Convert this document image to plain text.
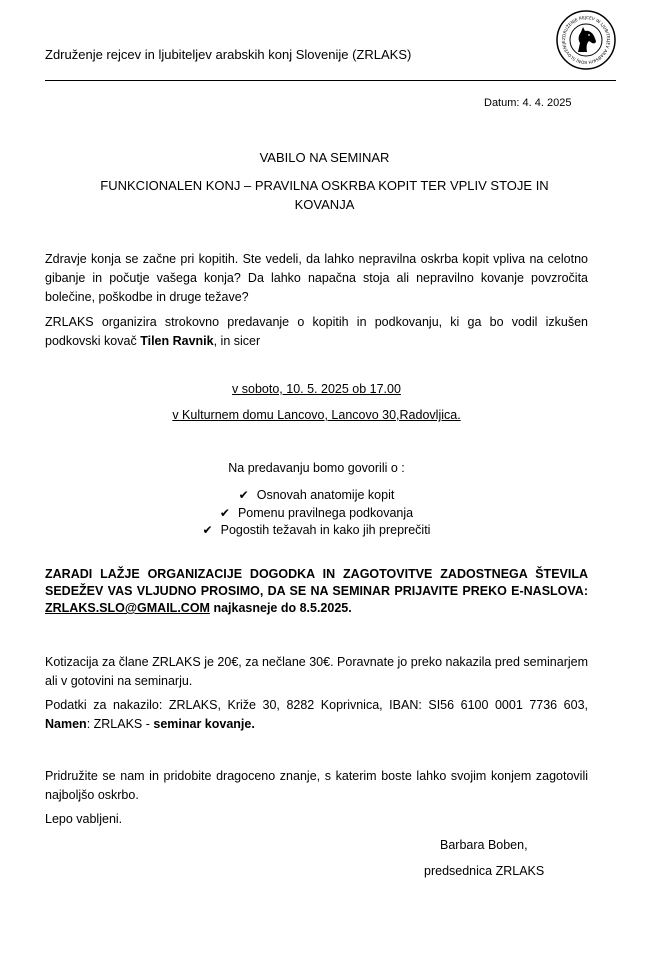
Združenje rejcev in ljubiteljev arabskih konj Slovenije (ZRLAKS)
ZDRUŽENJE REJCEV IN LJUBITELJEV ARABSKIH KONJ SLOVENIJE
Datum: 4. 4. 2025
VABILO NA SEMINAR
FUNKCIONALEN KONJ – PRAVILNA OSKRBA KOPIT TER VPLIV STOJE IN KOVANJA
Zdravje konja se začne pri kopitih. Ste vedeli, da lahko nepravilna oskrba kopit vpliva na celotno gibanje in počutje vašega konja? Da lahko napačna stoja ali nepravilno kovanje povzročita bolečine, poškodbe in druge težave?
ZRLAKS organizira strokovno predavanje o kopitih in podkovanju, ki ga bo vodil izkušen podkovski kovač Tilen Ravnik, in sicer
v soboto, 10. 5. 2025 ob 17.00
v Kulturnem domu Lancovo, Lancovo 30,Radovljica.
Na predavanju bomo govorili o :
✔ Osnovah anatomije kopit
✔ Pomenu pravilnega podkovanja
✔ Pogostih težavah in kako jih preprečiti
ZARADI LAŽJE ORGANIZACIJE DOGODKA IN ZAGOTOVITVE ZADOSTNEGA ŠTEVILA SEDEŽEV VAS VLJUDNO PROSIMO, DA SE NA SEMINAR PRIJAVITE PREKO E-NASLOVA: ZRLAKS.SLO@GMAIL.COM najkasneje do 8.5.2025.
Kotizacija za člane ZRLAKS je 20€, za nečlane 30€. Poravnate jo preko nakazila pred seminarjem ali v gotovini na seminarju.
Podatki za nakazilo: ZRLAKS, Križe 30, 8282 Koprivnica, IBAN: SI56 6100 0001 7736 603, Namen: ZRLAKS - seminar kovanje.
Pridružite se nam in pridobite dragoceno znanje, s katerim boste lahko svojim konjem zagotovili najboljšo oskrbo.
Lepo vabljeni.
Barbara Boben,
predsednica ZRLAKS
